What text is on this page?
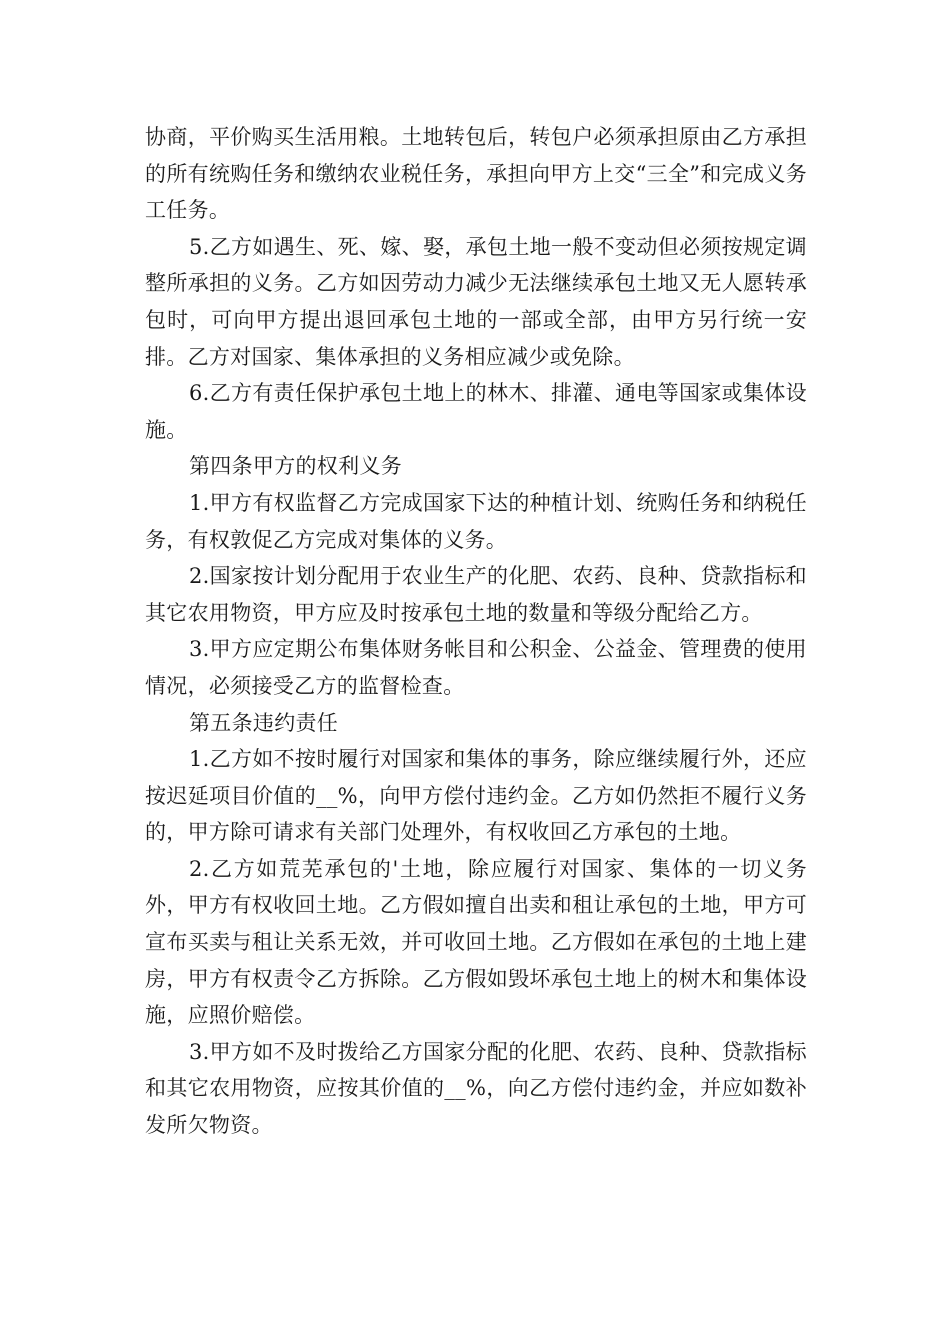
协商，平价购买生活用粮。土地转包后，转包户必须承担原由乙方承担的所有统购任务和缴纳农业税任务，承担向甲方上交“三全”和完成义务工任务。

5.乙方如遇生、死、嫁、娶，承包土地一般不变动但必须按规定调整所承担的义务。乙方如因劳动力减少无法继续承包土地又无人愿转承包时，可向甲方提出退回承包土地的一部或全部，由甲方另行统一安排。乙方对国家、集体承担的义务相应减少或免除。

6.乙方有责任保护承包土地上的林木、排灌、通电等国家或集体设施。

第四条甲方的权利义务

1.甲方有权监督乙方完成国家下达的种植计划、统购任务和纳税任务，有权敦促乙方完成对集体的义务。

2.国家按计划分配用于农业生产的化肥、农药、良种、贷款指标和其它农用物资，甲方应及时按承包土地的数量和等级分配给乙方。

3.甲方应定期公布集体财务帐目和公积金、公益金、管理费的使用情况，必须接受乙方的监督检查。

第五条违约责任

1.乙方如不按时履行对国家和集体的事务，除应继续履行外，还应按迟延项目价值的__%，向甲方偿付违约金。乙方如仍然拒不履行义务的，甲方除可请求有关部门处理外，有权收回乙方承包的土地。

2.乙方如荒芜承包的'土地，除应履行对国家、集体的一切义务外，甲方有权收回土地。乙方假如擅自出卖和租让承包的土地，甲方可宣布买卖与租让关系无效，并可收回土地。乙方假如在承包的土地上建房，甲方有权责令乙方拆除。乙方假如毁坏承包土地上的树木和集体设施，应照价赔偿。

3.甲方如不及时拨给乙方国家分配的化肥、农药、良种、贷款指标和其它农用物资，应按其价值的__%，向乙方偿付违约金，并应如数补发所欠物资。
